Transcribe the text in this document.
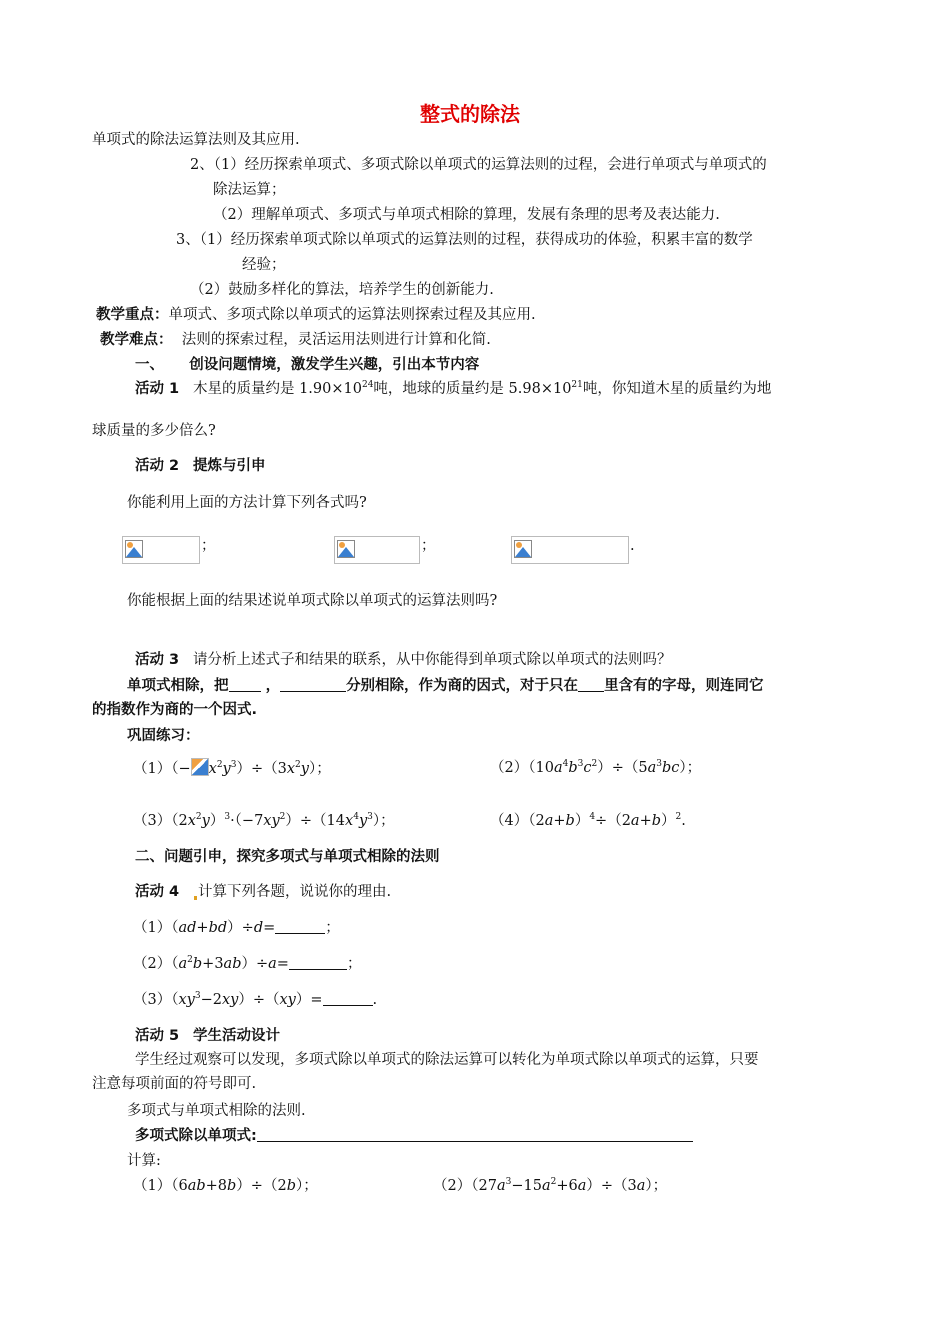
整式的除法
单项式的除法运算法则及其应用.
2、（1）经历探索单项式、多项式除以单项式的运算法则的过程，会进行单项式与单项式的
除法运算；
（2）理解单项式、多项式与单项式相除的算理，发展有条理的思考及表达能力.
3、（1）经历探索单项式除以单项式的运算法则的过程，获得成功的体验，积累丰富的数学
经验；
（2）鼓励多样化的算法，培养学生的创新能力.
教学重点：单项式、多项式除以单项式的运算法则探索过程及其应用.
教学难点： 法则的探索过程，灵活运用法则进行计算和化简.
一、 创设问题情境，激发学生兴趣，引出本节内容
活动 1 木星的质量约是 $1.90\times 10^{24}$吨，地球的质量约是 $5.98\times 10^{21}$吨，你知道木星的质量约为地
球质量的多少倍么?
活动 2 提炼与引申
你能利用上面的方法计算下列各式吗?
；	；	.
你能根据上面的结果述说单项式除以单项式的运算法则吗?
活动 3 请分析上述式子和结果的联系，从中你能得到单项式除以单项式的法则吗？
单项式相除，把	，	分别相除，作为商的因式，对于只在 里含有的字母，则连同它
的指数作为商的一个因式.
巩固练习：
$(1)(- x^2y^3)\div(3x^2y)$；	$(2)(10a^4b^3c^2)\div(5a^3bc)$；
$(3)(2x^2y)^3\cdot(-7xy^2)\div(14x^4y^3)$；	$(4)(2a+b)^4\div(2a+b)^2$.
二、问题引申，探究多项式与单项式相除的法则
活动 4 计算下列各题，说说你的理由.
（1）（ad+bd）÷d=	；
$(2)(a^2b+3ab)\div a=$	；
$(3)(xy^3-2xy)\div(xy)=$	.
活动 5 学生活动设计
学生经过观察可以发现，多项式除以单项式的除法运算可以转化为单项式除以单项式的运算，只要
注意每项前面的符号即可.
多项式与单项式相除的法则.
多项式除以单项式:
计算:
（1）（6ab+8b）÷（2b）；	$(2)(27a^3-15a^2+6a)\div(3a)$；
